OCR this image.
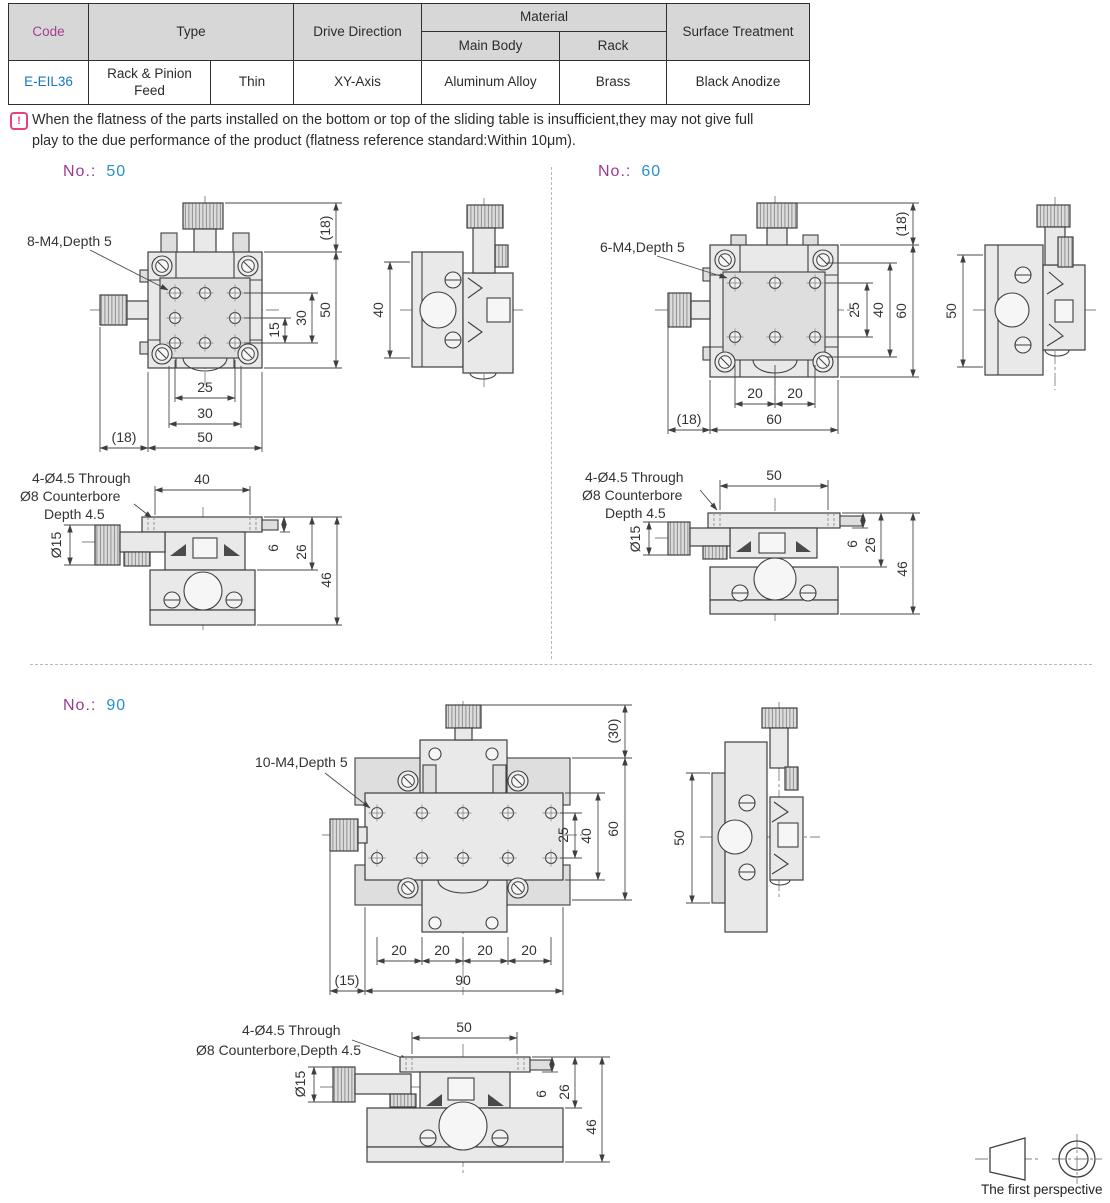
Code	Type		Drive Direction	Material		Surface Treatment
				Main Body	Rack	
E-EIL36	Rack & Pinion Feed	Thin	XY-Axis	Aluminum Alloy	Brass	Black Anodize
! When the flatness of the parts installed on the bottom or top of the sliding table is insufficient,they may not give full
play to the due performance of the product (flatness reference standard:Within 10μm).
No.: 50	No.: 60
No.: 90
8-M4,Depth 5
15
30
50
(18)
25
30
50
(18)
40
4-Ø4.5 Through
Ø8 Counterbore
Depth 4.5
Ø15
40
6 26
46
6-M4,Depth 5
25 40 60
(18)
20 20
60
(18)
50
4-Ø4.5 Through
Ø8 Counterbore
Depth 4.5
Ø15
50
6 26
46
10-M4,Depth 5
25 40 60
(30)
20 20 20 20
90
(15)
50
4-Ø4.5 Through
Ø8 Counterbore,Depth 4.5
Ø15
50
6 26
46
The first perspective
